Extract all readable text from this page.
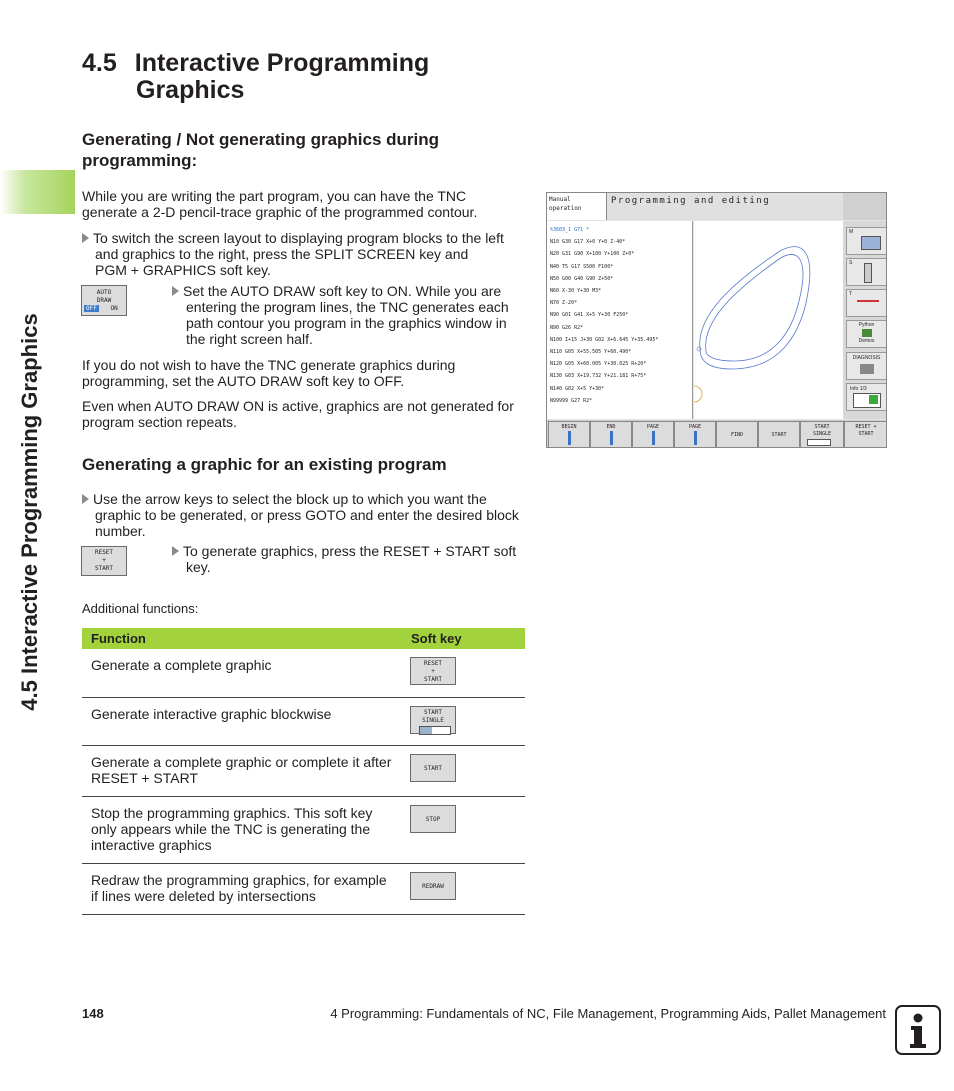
4.5 Interactive Programming Graphics
4.5 Interactive Programming
Graphics
Generating / Not generating graphics during
programming:

While you are writing the part program, you can have the TNC
generate a 2-D pencil-trace graphic of the programmed contour.

To switch the screen layout to displaying program blocks to the left
and graphics to the right, press the SPLIT SCREEN key and
PGM + GRAPHICS soft key.

AUTO
DRAW
OFF ON

Set the AUTO DRAW soft key to ON. While you are
entering the program lines, the TNC generates each
path contour you program in the graphics window in
the right screen half.

If you do not wish to have the TNC generate graphics during
programming, set the AUTO DRAW soft key to OFF.

Even when AUTO DRAW ON is active, graphics are not generated for
program section repeats.

Generating a graphic for an existing program

Use the arrow keys to select the block up to which you want the
graphic to be generated, or press GOTO and enter the desired block
number.

RESET
+
START

To generate graphics, press the RESET + START soft
key.

Additional functions:

Function	Soft key
Generate a complete graphic	RESET
+
START

Generate interactive graphic blockwise	START
SINGLE

Generate a complete graphic or complete it after
RESET + START	START

Stop the programming graphics. This soft key
only appears while the TNC is generating the
interactive graphics	STOP

Redraw the programming graphics, for example
if lines were deleted by intersections	REDRAW
Manual
operation
Programming and editing
%3603_1 G71 *
N10 G30 G17 X+0 Y+0 Z-40*
N20 G31 G90 X+100 Y+100 Z+0*
N40 T5 G17 S500 F100*
N50 G00 G40 G90 Z+50*
N60 X-30 Y+30 M3*
N70 Z-20*
N90 G01 G41 X+5 Y+30 F250*
N90 G26 R2*
N100 I+15 J+30 G02 X+6.645 Y+35.495*
N110 G05 X+55.505 Y+60.490*
N120 G05 X+60.005 Y+30.025 R+20*
N130 G03 X+19.732 Y+21.181 R+75*
N140 G02 X+5 Y+30*
N99999 G27 R2*
M
S
T
Python
Demos
DIAGNOSIS
Info 1/3
BEGIN	END	PAGE	PAGE
FIND	START
START SINGLE
RESET + START
148	4 Programming: Fundamentals of NC, File Management, Programming Aids, Pallet Management
